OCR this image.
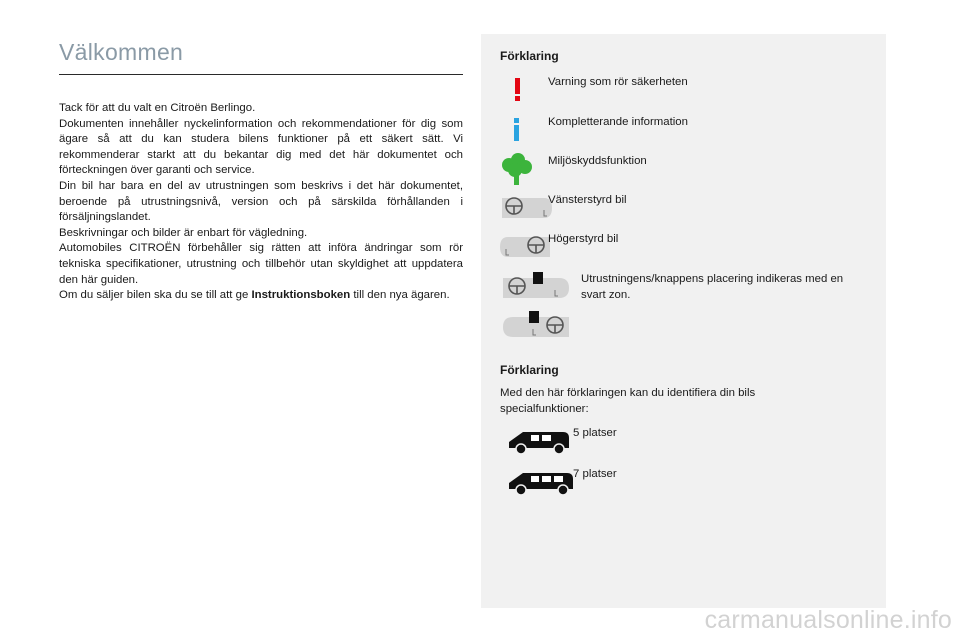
Välkommen

Tack för att du valt en Citroën Berlingo.

Dokumenten innehåller nyckelinformation och rekommendationer för dig som ägare så att du kan studera bilens funktioner på ett säkert sätt. Vi rekommenderar starkt att du bekantar dig med det här dokumentet och förteckningen över garanti och service.

Din bil har bara en del av utrustningen som beskrivs i det här dokumentet, beroende på utrustningsnivå, version och på särskilda förhållanden i försäljningslandet.

Beskrivningar och bilder är enbart för vägledning.

Automobiles CITROËN förbehåller sig rätten att införa ändringar som rör tekniska specifikationer, utrustning och tillbehör utan skyldighet att uppdatera den här guiden.

Om du säljer bilen ska du se till att ge Instruktionsboken till den nya ägaren.

Förklaring
Varning som rör säkerheten
Kompletterande information
Miljöskyddsfunktion
Vänsterstyrd bil
Högerstyrd bil
Utrustningens/knappens placering indikeras med en svart zon.
Förklaring
Med den här förklaringen kan du identifiera din bils specialfunktioner:
5 platser
7 platser
carmanualsonline.info
